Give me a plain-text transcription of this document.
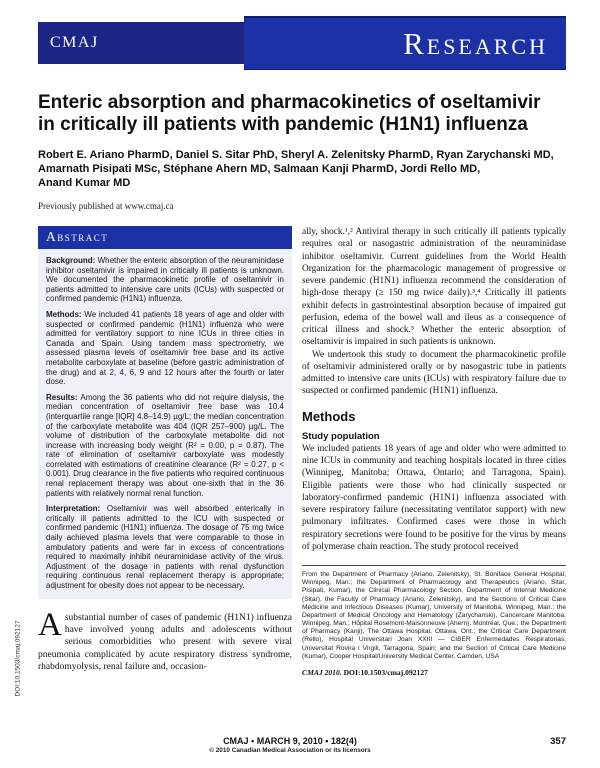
Research
CMAJ
Enteric absorption and pharmacokinetics of oseltamivir
in critically ill patients with pandemic (H1N1) influenza
Robert E. Ariano PharmD, Daniel S. Sitar PhD, Sheryl A. Zelenitsky PharmD, Ryan Zarychanski MD,
Amarnath Pisipati MSc, Stéphane Ahern MD, Salmaan Kanji PharmD, Jordi Rello MD,
Anand Kumar MD
Previously published at www.cmaj.ca
Abstract

Background: Whether the enteric absorption of the neuraminidase inhibitor oseltamivir is impaired in critically ill patients is unknown. We documented the pharmacokinetic profile of oseltamivir in patients admitted to intensive care units (ICUs) with suspected or confirmed pandemic (H1N1) influenza.

Methods: We included 41 patients 18 years of age and older with suspected or confirmed pandemic (H1N1) influenza who were admitted for ventilatory support to nine ICUs in three cities in Canada and Spain. Using tandem mass spectrometry, we assessed plasma levels of oseltamivir free base and its active metabolite carboxylate at baseline (before gastric administration of the drug) and at 2, 4, 6, 9 and 12 hours after the fourth or later dose.

Results: Among the 36 patients who did not require dialysis, the median concentration of oseltamivir free base was 10.4 (interquartile range [IQR] 4.8–14.9) µg/L; the median concentration of the carboxylate metabolite was 404 (IQR 257–900) µg/L. The volume of distribution of the carboxylate metabolite did not increase with increasing body weight (R² = 0.00, p = 0.87). The rate of elimination of oseltamivir carboxylate was modestly correlated with estimations of creatinine clearance (R² = 0.27, p < 0.001). Drug clearance in the five patients who required continuous renal replacement therapy was about one-sixth that in the 36 patients with relatively normal renal function.

Interpretation: Oseltamivir was well absorbed enterically in critically ill patients admitted to the ICU with suspected or confirmed pandemic (H1N1) influenza. The dosage of 75 mg twice daily achieved plasma levels that were comparable to those in ambulatory patients and were far in excess of concentrations required to maximally inhibit neuraminidase activity of the virus. Adjustment of the dosage in patients with renal dysfunction requiring continuous renal replacement therapy is appropriate; adjustment for obesity does not appear to be necessary.

Asubstantial number of cases of pandemic (H1N1) influenza have involved young adults and adolescents without serious comorbidities who present with severe viral pneumonia complicated by acute respiratory distress syndrome, rhabdomyolysis, renal failure and, occasion-

ally, shock.¹,² Antiviral therapy in such critically ill patients typically requires oral or nasogastric administration of the neuraminidase inhibitor oseltamivir. Current guidelines from the World Health Organization for the pharmacologic management of progressive or severe pandemic (H1N1) influenza recommend the consideration of high-dose therapy (≥ 150 mg twice daily).³,⁴ Critically ill patients exhibit defects in gastrointestinal absorption because of impaired gut perfusion, edema of the bowel wall and ileus as a consequence of critical illness and shock.⁵ Whether the enteric absorption of oseltamivir is impaired in such patients is unknown.

We undertook this study to document the pharmacokinetic profile of oseltamivir administered orally or by nasogastric tube in patients admitted to intensive care units (ICUs) with respiratory failure due to suspected or confirmed pandemic (H1N1) influenza.

Methods
Study population

We included patients 18 years of age and older who were admitted to nine ICUs in community and teaching hospitals located in three cities (Winnipeg, Manitoba; Ottawa, Ontario; and Tarragona, Spain). Eligible patients were those who had clinically suspected or laboratory-confirmed pandemic (H1N1) influenza associated with severe respiratory failure (necessitating ventilator support) with new pulmonary infiltrates. Confirmed cases were those in which respiratory secretions were found to be positive for the virus by means of polymerase chain reaction. The study protocol received

From the Department of Pharmacy (Ariano, Zelenitsky), St. Boniface General Hospital, Winnipeg, Man.; the Department of Pharmacology and Therapeutics (Ariano, Sitar, Pisipati, Kumar), the Clinical Pharmacology Section, Department of Internal Medicine (Sitar), the Faculty of Pharmacy (Ariano, Zelenitsky), and the Sections of Critical Care Medicine and Infectious Diseases (Kumar), University of Manitoba, Winnipeg, Man.; the Department of Medical Oncology and Hematology (Zarychanski), Cancercare Manitoba, Winnipeg, Man.; Hôpital Rosemont-Maisonneuve (Ahern), Montréal, Que.; the Department of Pharmacy (Kanji), The Ottawa Hospital, Ottawa, Ont.; the Critical Care Department (Rello), Hospital Universitari Joan XXIII — CIBER Enfermedades Respiratorias, Universitat Rovira i Virgili, Tarragona, Spain; and the Section of Critical Care Medicine (Kumar), Cooper Hospital/University Medical Center, Camden, USA
CMAJ 2010. DOI:10.1503/cmaj.092127
DOI:10.1503/cmaj.092127
CMAJ • MARCH 9, 2010 • 182(4)
© 2010 Canadian Medical Association or its licensors
357
